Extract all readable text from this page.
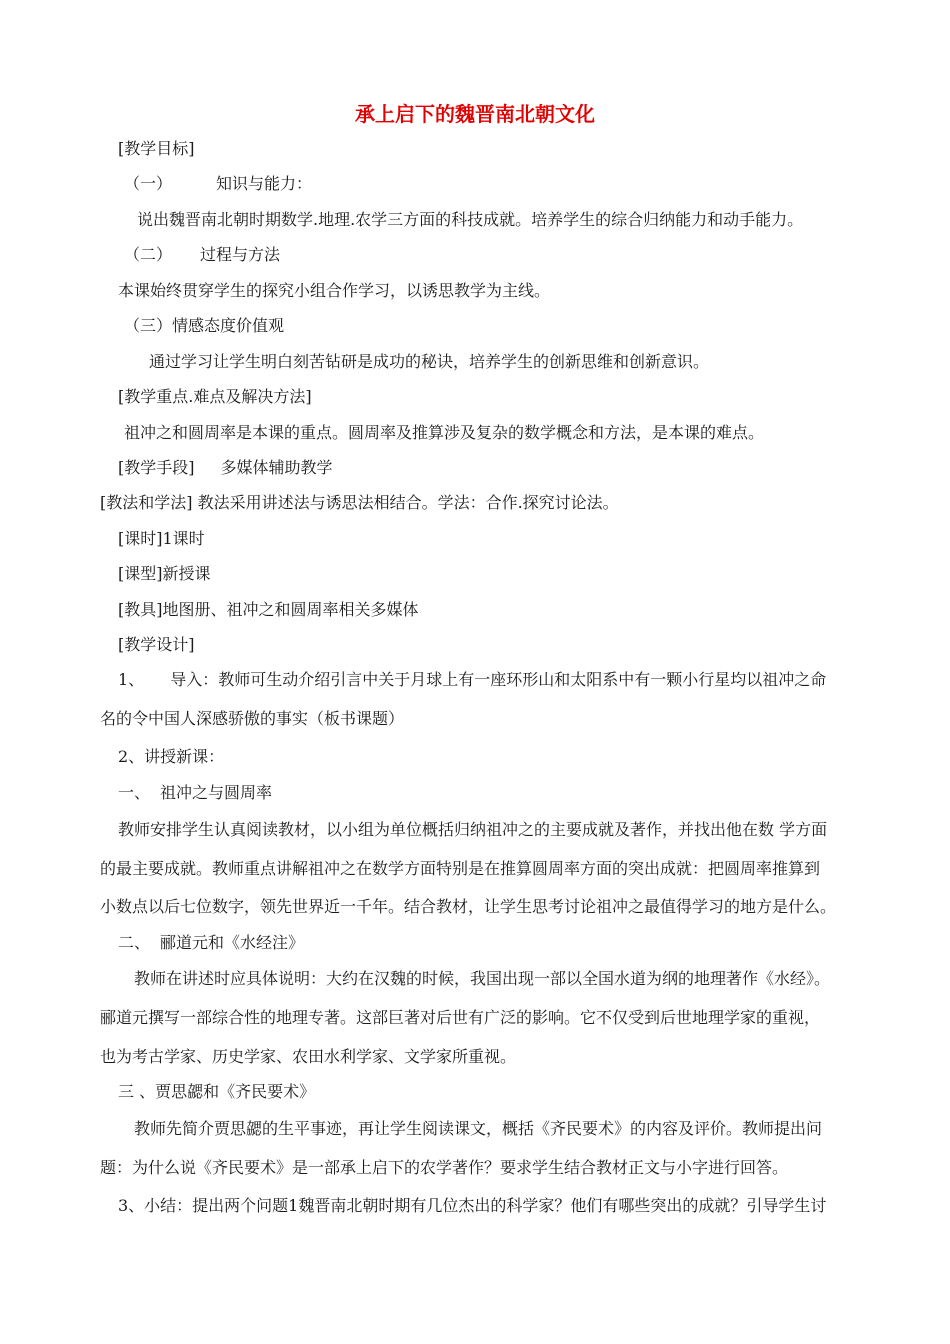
承上启下的魏晋南北朝文化
[教学目标]
（一）	知识与能力：
说出魏晋南北朝时期数学.地理.农学三方面的科技成就。培养学生的综合归纳能力和动手能力。
（二） 过程与方法
本课始终贯穿学生的探究小组合作学习，以诱思教学为主线。
（三）情感态度价值观
通过学习让学生明白刻苦钻研是成功的秘诀，培养学生的创新思维和创新意识。
[教学重点.难点及解决方法]
祖冲之和圆周率是本课的重点。圆周率及推算涉及复杂的数学概念和方法，是本课的难点。
[教学手段] 多媒体辅助教学
[教法和学法] 教法采用讲述法与诱思法相结合。学法：合作.探究讨论法。
[课时]1课时
[课型]新授课
[教具]地图册、祖冲之和圆周率相关多媒体
[教学设计]
1、 导入：教师可生动介绍引言中关于月球上有一座环形山和太阳系中有一颗小行星均以祖冲之命
名的令中国人深感骄傲的事实（板书课题）
2、讲授新课：
一、 祖冲之与圆周率
教师安排学生认真阅读教材，以小组为单位概括归纳祖冲之的主要成就及著作，并找出他在数 学方面
的最主要成就。教师重点讲解祖冲之在数学方面特别是在推算圆周率方面的突出成就：把圆周率推算到
小数点以后七位数字，领先世界近一千年。结合教材，让学生思考讨论祖冲之最值得学习的地方是什么。
二、 郦道元和《水经注》
教师在讲述时应具体说明：大约在汉魏的时候，我国出现一部以全国水道为纲的地理著作《水经》。
郦道元撰写一部综合性的地理专著。这部巨著对后世有广泛的影响。它不仅受到后世地理学家的重视，
也为考古学家、历史学家、农田水利学家、文学家所重视。
三 、贾思勰和《齐民要术》
教师先简介贾思勰的生平事迹，再让学生阅读课文，概括《齐民要术》的内容及评价。教师提出问
题：为什么说《齐民要术》是一部承上启下的农学著作？要求学生结合教材正文与小字进行回答。
3、小结：提出两个问题1魏晋南北朝时期有几位杰出的科学家？他们有哪些突出的成就？引导学生讨
